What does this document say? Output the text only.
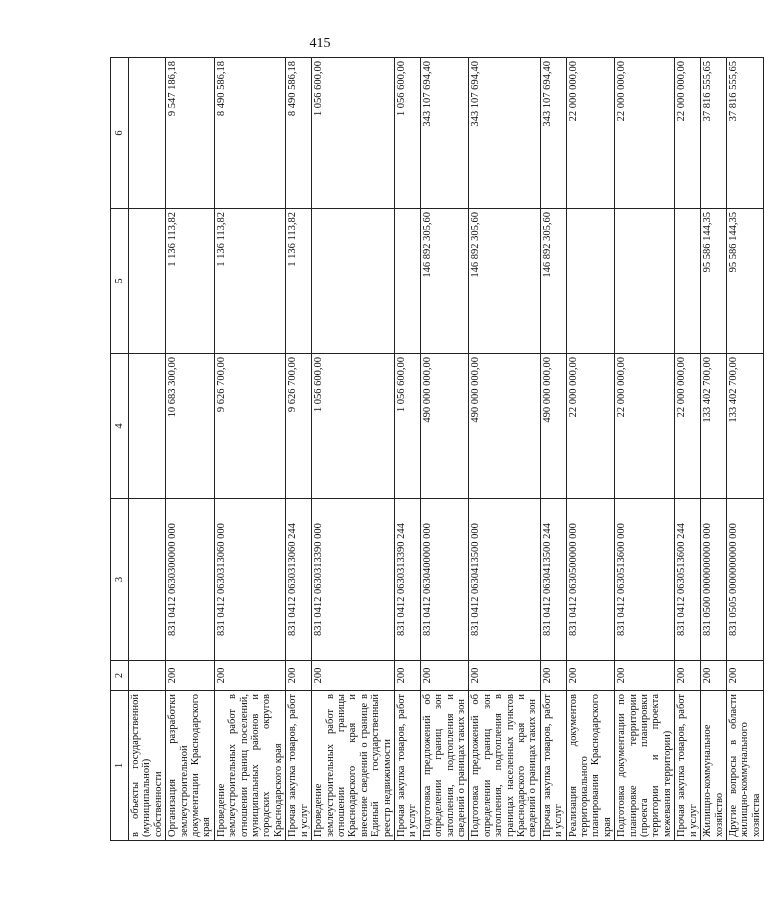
415
1	2	3	4	5	6
в объекты государственной (муниципальной) собственности					
Организация разработки землеустроительной документации Краснодарского края	200	831 0412 0630300000 000	10 683 300,00	1 136 113,82	9 547 186,18
Проведение землеустроительных работ в отношении границ поселений, муниципальных районов и городских округов Краснодарского края	200	831 0412 0630313060 000	9 626 700,00	1 136 113,82	8 490 586,18
Прочая закупка товаров, работ и услуг	200	831 0412 0630313060 244	9 626 700,00	1 136 113,82	8 490 586,18
Проведение землеустроительных работ в отношении границы Краснодарского края и внесение сведений о границе в Единый государственный реестр недвижимости	200	831 0412 0630313390 000	1 056 600,00		1 056 600,00
Прочая закупка товаров, работ и услуг	200	831 0412 0630313390 244	1 056 600,00		1 056 600,00
Подготовка предложений об определении границ зон затопления, подтопления и сведений о границах таких зон	200	831 0412 0630400000 000	490 000 000,00	146 892 305,60	343 107 694,40
Подготовка предложений об определении границ зон затопления, подтопления в границах населенных пунктов Краснодарского края и сведений о границах таких зон	200	831 0412 0630413500 000	490 000 000,00	146 892 305,60	343 107 694,40
Прочая закупка товаров, работ и услуг	200	831 0412 0630413500 244	490 000 000,00	146 892 305,60	343 107 694,40
Реализация документов территориального планирования Краснодарского края	200	831 0412 0630500000 000	22 000 000,00		22 000 000,00
Подготовка документации по планировке территории (проекта планировки территории и проекта межевания территории)	200	831 0412 0630513600 000	22 000 000,00		22 000 000,00
Прочая закупка товаров, работ и услуг	200	831 0412 0630513600 244	22 000 000,00		22 000 000,00
Жилищно-коммунальное хозяйство	200	831 0500 0000000000 000	133 402 700,00	95 586 144,35	37 816 555,65
Другие вопросы в области жилищно-коммунального хозяйства	200	831 0505 0000000000 000	133 402 700,00	95 586 144,35	37 816 555,65
